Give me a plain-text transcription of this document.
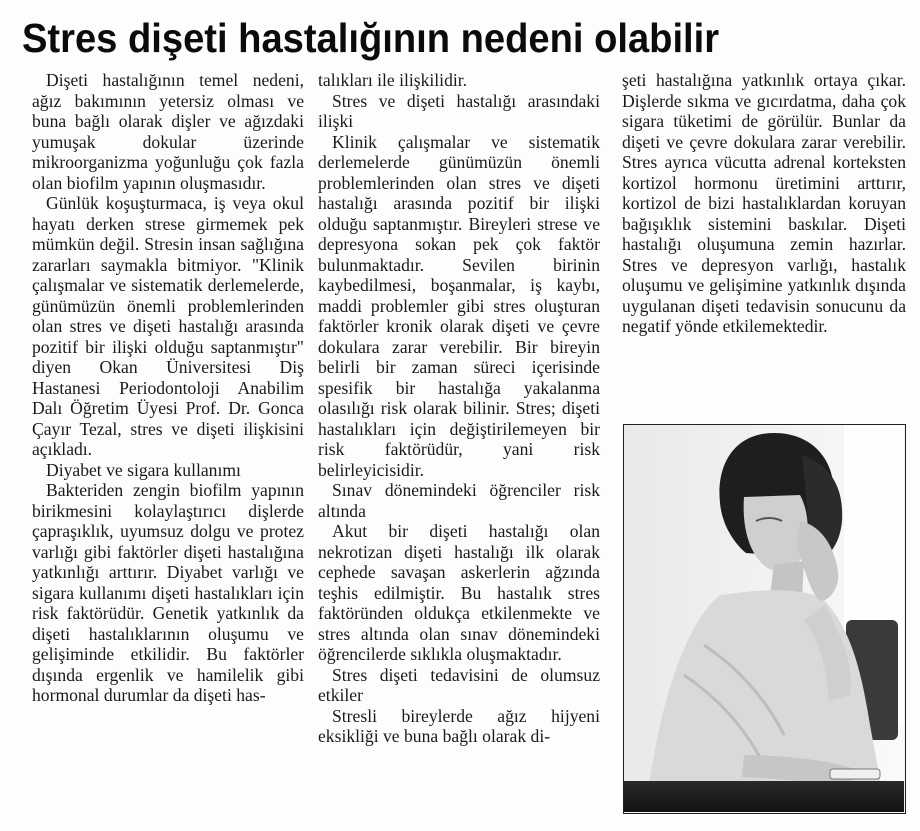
Stres dişeti hastalığının nedeni olabilir

Dişeti hastalığının temel nedeni, ağız bakımının yetersiz olması ve buna bağlı olarak dişler ve ağızdaki yumuşak dokular üzerinde mikroorganizma yoğunluğu çok fazla olan biofilm yapının oluşmasıdır.

Günlük koşuşturmaca, iş veya okul hayatı derken strese girmemek pek mümkün değil. Stresin insan sağlığına zararları saymakla bitmiyor. "Klinik çalışmalar ve sistematik derlemelerde, günümüzün önemli problemlerinden olan stres ve dişeti hastalığı arasında pozitif bir ilişki olduğu saptanmıştır" diyen Okan Üniversitesi Diş Hastanesi Periodontoloji Anabilim Dalı Öğretim Üyesi Prof. Dr. Gonca Çayır Tezal, stres ve dişeti ilişkisini açıkladı.

Diyabet ve sigara kullanımı

Bakteriden zengin biofilm yapının birikmesini kolaylaştırıcı dişlerde çapraşıklık, uyumsuz dolgu ve protez varlığı gibi faktörler dişeti hastalığına yatkınlığı arttırır. Diyabet varlığı ve sigara kullanımı dişeti hastalıkları için risk faktörüdür. Genetik yatkınlık da dişeti hastalıklarının oluşumu ve gelişiminde etkilidir. Bu faktörler dışında ergenlik ve hamilelik gibi hormonal durumlar da dişeti has-

talıkları ile ilişkilidir.

Stres ve dişeti hastalığı arasındaki ilişki

Klinik çalışmalar ve sistematik derlemelerde günümüzün önemli problemlerinden olan stres ve dişeti hastalığı arasında pozitif bir ilişki olduğu saptanmıştır. Bireyleri strese ve depresyona sokan pek çok faktör bulunmaktadır. Sevilen birinin kaybedilmesi, boşanmalar, iş kaybı, maddi problemler gibi stres oluşturan faktörler kronik olarak dişeti ve çevre dokulara zarar verebilir. Bir bireyin belirli bir zaman süreci içerisinde spesifik bir hastalığa yakalanma olasılığı risk olarak bilinir. Stres; dişeti hastalıkları için değiştirilemeyen bir risk faktörüdür, yani risk belirleyicisidir.

Sınav dönemindeki öğrenciler risk altında

Akut bir dişeti hastalığı olan nekrotizan dişeti hastalığı ilk olarak cephede savaşan askerlerin ağzında teşhis edilmiştir. Bu hastalık stres faktöründen oldukça etkilenmekte ve stres altında olan sınav dönemindeki öğrencilerde sıklıkla oluşmaktadır.

Stres dişeti tedavisini de olumsuz etkiler

Stresli bireylerde ağız hijyeni eksikliği ve buna bağlı olarak di-

şeti hastalığına yatkınlık ortaya çıkar. Dişlerde sıkma ve gıcırdatma, daha çok sigara tüketimi de görülür. Bunlar da dişeti ve çevre dokulara zarar verebilir. Stres ayrıca vücutta adrenal korteksten kortizol hormonu üretimini arttırır, kortizol de bizi hastalıklardan koruyan bağışıklık sistemini baskılar. Dişeti hastalığı oluşumuna zemin hazırlar. Stres ve depresyon varlığı, hastalık oluşumu ve gelişimine yatkınlık dışında uygulanan dişeti tedavisin sonucunu da negatif yönde etkilemektedir.
